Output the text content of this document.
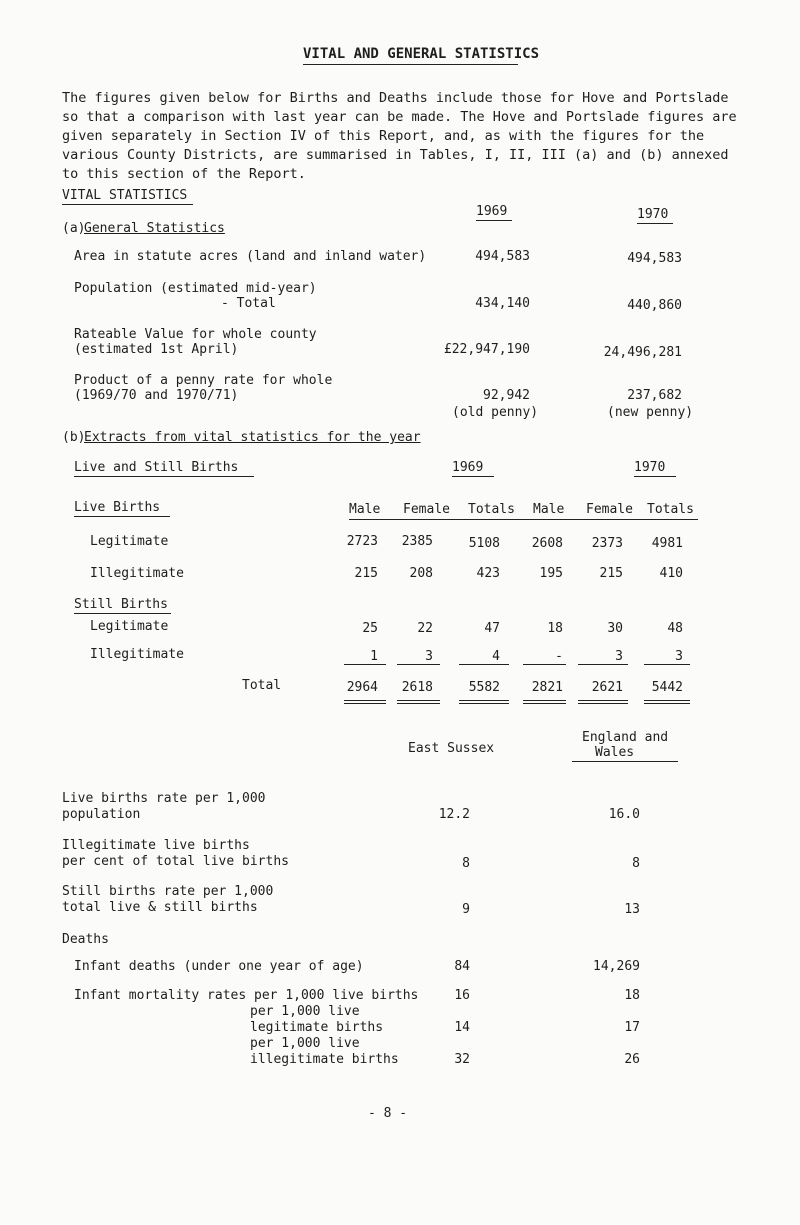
VITAL AND GENERAL STATISTICS
The figures given below for Births and Deaths include those for Hove and Portslade so that a comparison with last year can be made. The Hove and Portslade figures are given separately in Section IV of this Report, and, as with the figures for the various County Districts, are summarised in Tables, I, II, III (a) and (b) annexed to this section of the Report.
VITAL STATISTICS
1969	1970
(a)
General Statistics
Area in statute acres (land and inland water)	494,583	494,583
Population (estimated mid-year)
- Total	434,140	440,860
Rateable Value for whole county
(estimated 1st April)	£22,947,190	24,496,281
Product of a penny rate for whole
(1969/70 and 1970/71)	92,942	237,682
(old penny)	(new penny)
(b)
Extracts from vital statistics for the year
Live and Still Births	1969	1970
Live Births	Male Female Totals Male Female Totals
Legitimate	2723	2385	5108	2608	2373	4981
Illegitimate	215	208	423	195	215	410
Still Births
Legitimate	25	22	47	18	30	48
Illegitimate	1	3	4	-	3	3
Total	2964	2618	5582	2821	2621	5442
East Sussex
England and
Wales
Live births rate per 1,000
population	12.2	16.0
Illegitimate live births
per cent of total live births	8	8
Still births rate per 1,000
total live & still births	9	13
Deaths
Infant deaths (under one year of age)	84	14,269
Infant mortality rates per 1,000 live births	16	18
per 1,000 live
legitimate births	14	17
per 1,000 live
illegitimate births	32	26
- 8 -
